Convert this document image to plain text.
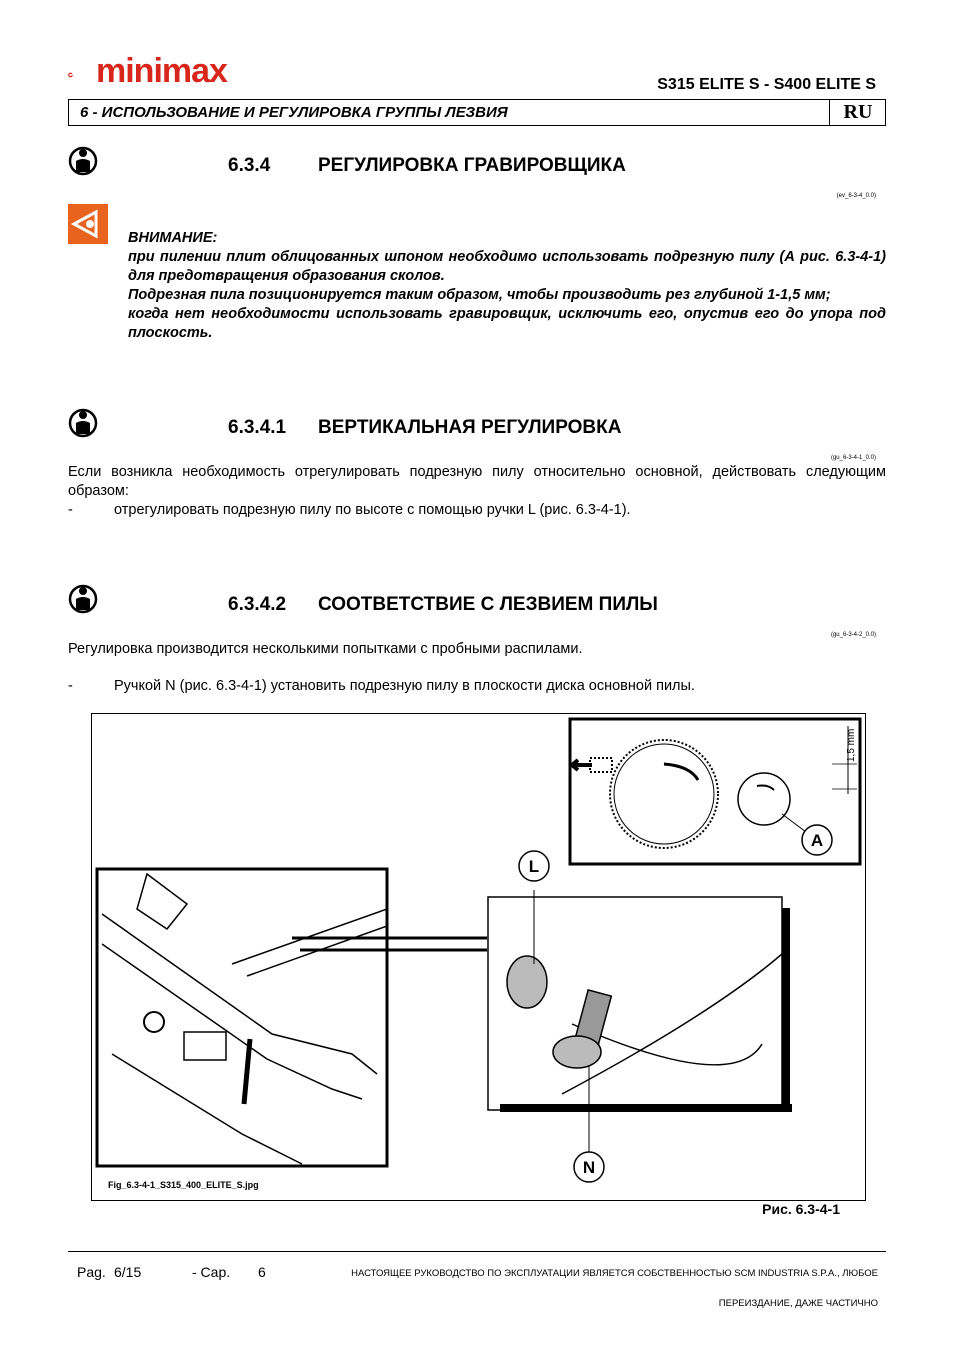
minimax	S315 ELITE S - S400 ELITE S
6 - ИСПОЛЬЗОВАНИЕ И РЕГУЛИРОВКА ГРУППЫ ЛЕЗВИЯ	RU
6.3.4	РЕГУЛИРОВКА ГРАВИРОВЩИКА
(ev_6-3-4_0.0)
ВНИМАНИЕ:
при пилении плит облицованных шпоном необходимо использовать подрезную пилу (А рис. 6.3-4-1) для предотвращения образования сколов.
Подрезная пила позиционируется таким образом, чтобы производить рез глубиной 1-1,5 мм;
когда нет необходимости использовать гравировщик, исключить его, опустив его до упора под плоскость.
6.3.4.1 ВЕРТИКАЛЬНАЯ РЕГУЛИРОВКА
(gu_6-3-4-1_0.0)
Если возникла необходимость отрегулировать подрезную пилу относительно основной, действовать следующим образом:
-	отрегулировать подрезную пилу по высоте с помощью ручки L (рис. 6.3-4-1).
6.3.4.2 СООТВЕТСТВИЕ С ЛЕЗВИЕМ ПИЛЫ
(gu_6-3-4-2_0.0)
Регулировка производится несколькими попытками с пробными распилами.
-	Ручкой N (рис. 6.3-4-1) установить подрезную пилу в плоскости диска основной пилы.
1,5 mm
A
L
N
Fig_6.3-4-1_S315_400_ELITE_S.jpg
Рис. 6.3-4-1
Pag. 6/15	- Cap. 6	НАСТОЯЩЕЕ РУКОВОДСТВО ПО ЭКСПЛУАТАЦИИ ЯВЛЯЕТСЯ СОБСТВЕННОСТЬЮ SCM INDUSTRIA S.P.A., ЛЮБОЕ
ПЕРЕИЗДАНИЕ, ДАЖЕ ЧАСТИЧНО
